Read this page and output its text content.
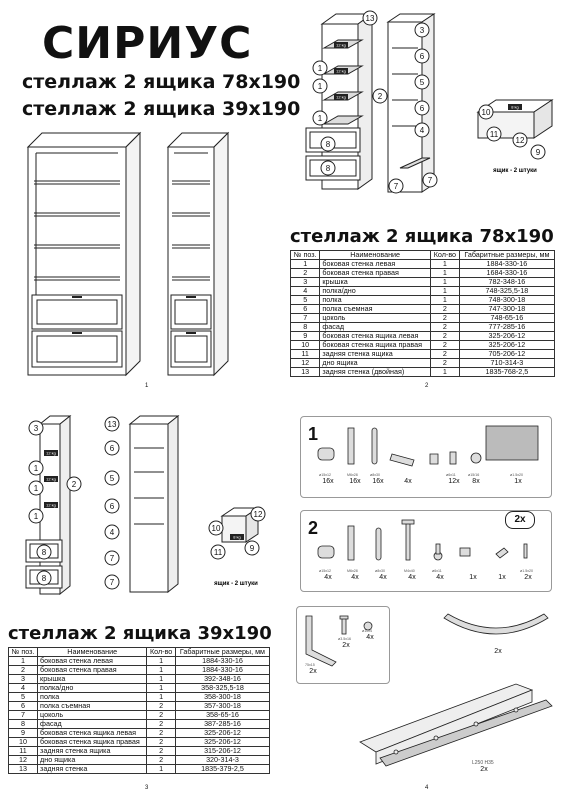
СИРИУС
стеллаж 2 ящика 78х190
стеллаж 2 ящика 39х190
1
13
1
2
1
1
8
8
3
6
5
6
4
7
7
10
11
12
9
12 kg
12 kg
12 kg
8 kg
ящик - 2 штуки
стеллаж 2 ящика 78х190
№ поз.	Наименование	Кол-во	Габаритные размеры, мм
1	боковая стенка левая	1	1884-330-16
2	боковая стенка правая	1	1684-330-16
3	крышка	1	782-348-16
4	полка/дно	1	748-325,5-18
5	полка	1	748-300-18
6	полка съемная	2	747-300-18
7	цоколь	2	748-65-16
8	фасад	2	777-285-16
9	боковая стенка ящика левая	2	325-206-12
10	боковая стенка ящика правая	2	325-206-12
11	задняя стенка ящика	2	705-206-12
12	дно ящика	2	710-314-3
13	задняя стенка (двойная)	1	1835-768-2,5
2
3
1
2
1
1
8
8
13
6
5
6
4
7
7
10
11
12
9
12 kg
12 kg
12 kg
8 kg
ящик - 2 штуки
стеллаж 2 ящика 39х190
№ поз.	Наименование	Кол-во	Габаритные размеры, мм
1	боковая стенка левая	1	1884-330-16
2	боковая стенка правая	1	1884-330-16
3	крышка	1	392-348-16
4	полка/дно	1	358-325,5-18
5	полка	1	358-300-18
6	полка съемная	2	357-300-18
7	цоколь	2	358-65-16
8	фасад	2	387-285-16
9	боковая стенка ящика левая	2	325-206-12
10	боковая стенка ящика правая	2	325-206-12
11	задняя стенка ящика	2	315-206-12
12	дно ящика	2	320-314-3
13	задняя стенка	1	1835-379-2,5
3
1
16x	16x	16x	4x	12x	8x	1x
ø15x12	M6x28	ø8x30	ø6x11	ø15/16	ø1.5x20
2	2x
4x	4x	4x	4x	4x	1x	1x	2x
ø15x12	M6x28	ø8x30	M4x40	ø6x11	ø1.5x20
2x
4x
2x
ø3.5x16
ø10x4
75x15
2x
L250 H35
2x
4
